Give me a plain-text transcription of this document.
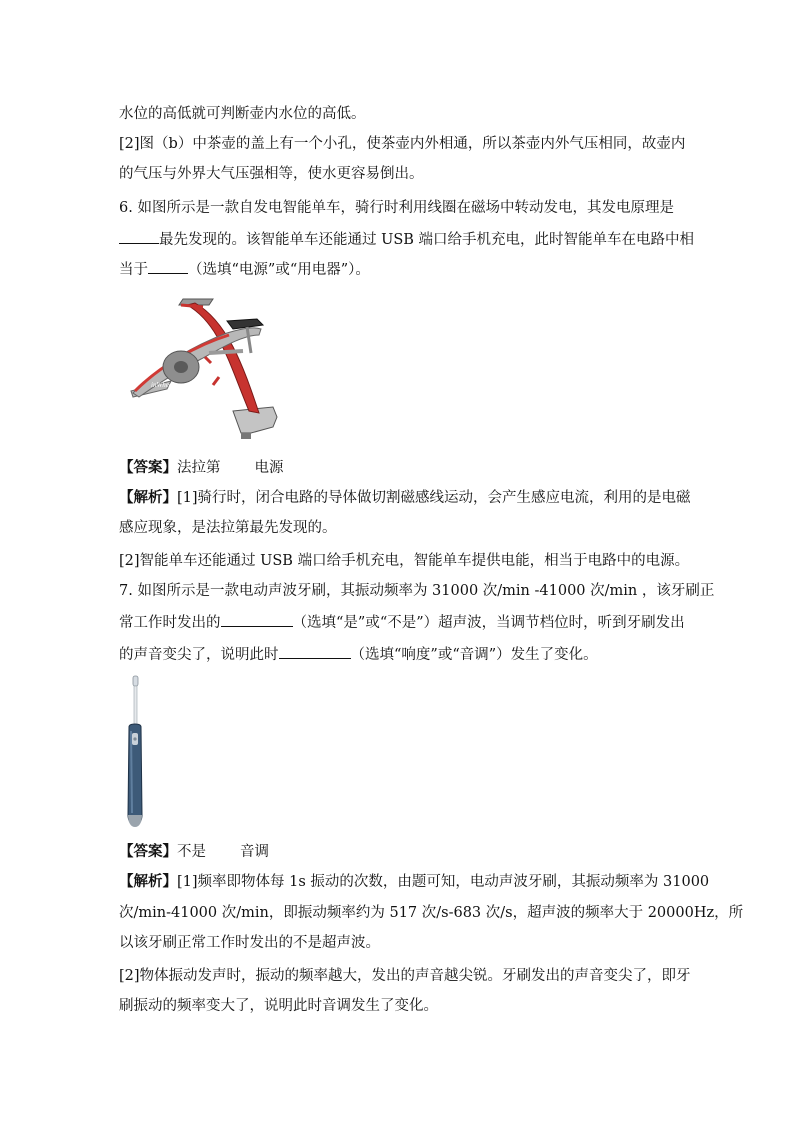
水位的高低就可判断壶内水位的高低。
[2]图（b）中茶壶的盖上有一个小孔，使茶壶内外相通，所以茶壶内外气压相同，故壶内
的气压与外界大气压强相等，使水更容易倒出。
6. 如图所示是一款自发电智能单车，骑行时利用线圈在磁场中转动发电，其发电原理是
最先发现的。该智能单车还能通过 USB 端口给手机充电，此时智能单车在电路中相
当于	（选填“电源”或“用电器”）。
inWheel
【答案】法拉第 电源
【解析】[1]骑行时，闭合电路的导体做切割磁感线运动，会产生感应电流，利用的是电磁
感应现象，是法拉第最先发现的。
[2]智能单车还能通过 USB 端口给手机充电，智能单车提供电能，相当于电路中的电源。
7. 如图所示是一款电动声波牙刷，其振动频率为 31000 次/min -41000 次/min ，该牙刷正
常工作时发出的	（选填“是”或“不是”）超声波，当调节档位时，听到牙刷发出
的声音变尖了，说明此时	（选填“响度”或“音调”）发生了变化。
【答案】不是 音调
【解析】[1]频率即物体每 1s 振动的次数，由题可知，电动声波牙刷，其振动频率为 31000
次/min-41000 次/min，即振动频率约为 517 次/s-683 次/s，超声波的频率大于 20000Hz，所
以该牙刷正常工作时发出的不是超声波。
[2]物体振动发声时，振动的频率越大，发出的声音越尖锐。牙刷发出的声音变尖了，即牙
刷振动的频率变大了，说明此时音调发生了变化。
